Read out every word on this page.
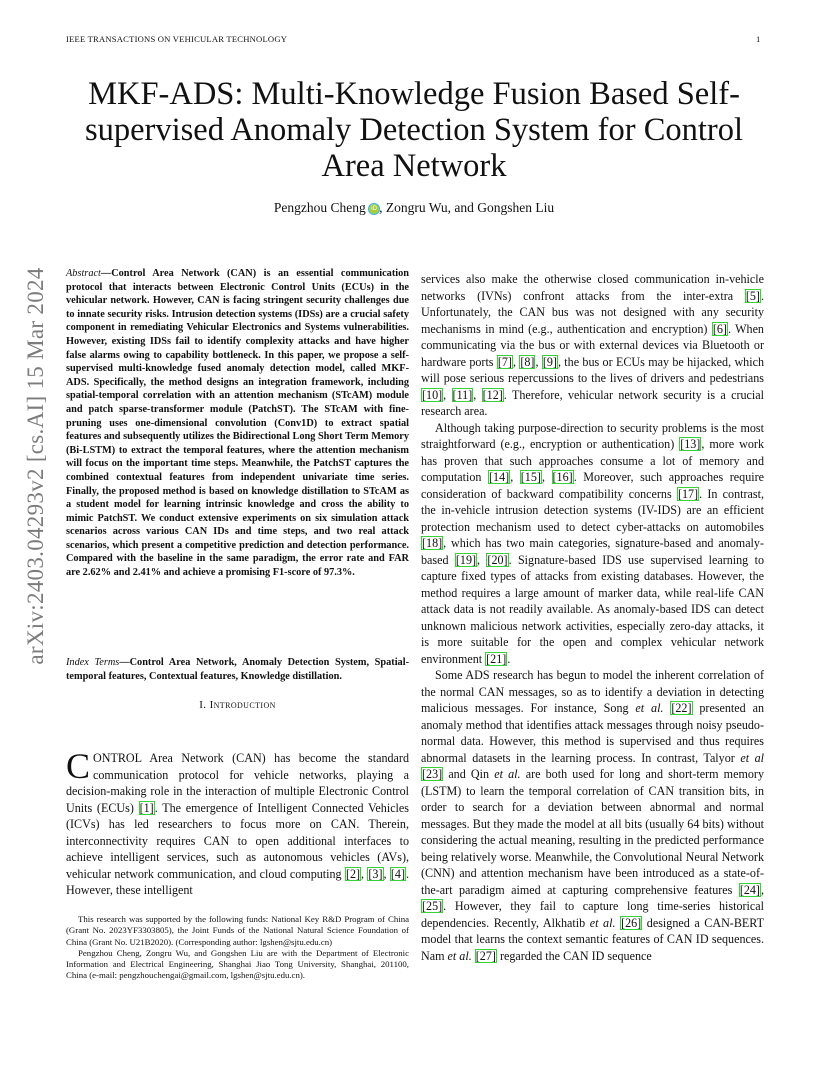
IEEE TRANSACTIONS ON VEHICULAR TECHNOLOGY	1
arXiv:2403.04293v2 [cs.AI] 15 Mar 2024
MKF-ADS: Multi-Knowledge Fusion Based Self-supervised Anomaly Detection System for Control Area Network
Pengzhou Cheng iD , Zongru Wu, and Gongshen Liu
Abstract—Control Area Network (CAN) is an essential communication protocol that interacts between Electronic Control Units (ECUs) in the vehicular network. However, CAN is facing stringent security challenges due to innate security risks. Intrusion detection systems (IDSs) are a crucial safety component in remediating Vehicular Electronics and Systems vulnerabilities. However, existing IDSs fail to identify complexity attacks and have higher false alarms owing to capability bottleneck. In this paper, we propose a self-supervised multi-knowledge fused anomaly detection model, called MKF-ADS. Specifically, the method designs an integration framework, including spatial-temporal correlation with an attention mechanism (STcAM) module and patch sparse-transformer module (PatchST). The STcAM with fine-pruning uses one-dimensional convolution (Conv1D) to extract spatial features and subsequently utilizes the Bidirectional Long Short Term Memory (Bi-LSTM) to extract the temporal features, where the attention mechanism will focus on the important time steps. Meanwhile, the PatchST captures the combined contextual features from independent univariate time series. Finally, the proposed method is based on knowledge distillation to STcAM as a student model for learning intrinsic knowledge and cross the ability to mimic PatchST. We conduct extensive experiments on six simulation attack scenarios across various CAN IDs and time steps, and two real attack scenarios, which present a competitive prediction and detection performance. Compared with the baseline in the same paradigm, the error rate and FAR are 2.62% and 2.41% and achieve a promising F1-score of 97.3%.
Index Terms—Control Area Network, Anomaly Detection System, Spatial-temporal features, Contextual features, Knowledge distillation.
I. Introduction
CONTROL Area Network (CAN) has become the standard communication protocol for vehicle networks, playing a decision-making role in the interaction of multiple Electronic Control Units (ECUs) [1]. The emergence of Intelligent Connected Vehicles (ICVs) has led researchers to focus more on CAN. Therein, interconnectivity requires CAN to open additional interfaces to achieve intelligent services, such as autonomous vehicles (AVs), vehicular network communication, and cloud computing [2], [3], [4]. However, these intelligent

This research was supported by the following funds: National Key R&D Program of China (Grant No. 2023YF3303805), the Joint Funds of the National Natural Science Foundation of China (Grant No. U21B2020). (Corresponding author: lgshen@sjtu.edu.cn)

Pengzhou Cheng, Zongru Wu, and Gongshen Liu are with the Department of Electronic Information and Electrical Engineering, Shanghai Jiao Tong University, Shanghai, 201100, China (e-mail: pengzhouchengai@gmail.com, lgshen@sjtu.edu.cn).

services also make the otherwise closed communication in-vehicle networks (IVNs) confront attacks from the inter-extra [5]. Unfortunately, the CAN bus was not designed with any security mechanisms in mind (e.g., authentication and encryption) [6]. When communicating via the bus or with external devices via Bluetooth or hardware ports [7], [8], [9], the bus or ECUs may be hijacked, which will pose serious repercussions to the lives of drivers and pedestrians [10], [11], [12]. Therefore, vehicular network security is a crucial research area.

Although taking purpose-direction to security problems is the most straightforward (e.g., encryption or authentication) [13], more work has proven that such approaches consume a lot of memory and computation [14], [15], [16]. Moreover, such approaches require consideration of backward compatibility concerns [17]. In contrast, the in-vehicle intrusion detection systems (IV-IDS) are an efficient protection mechanism used to detect cyber-attacks on automobiles [18], which has two main categories, signature-based and anomaly-based [19], [20]. Signature-based IDS use supervised learning to capture fixed types of attacks from existing databases. However, the method requires a large amount of marker data, while real-life CAN attack data is not readily available. As anomaly-based IDS can detect unknown malicious network activities, especially zero-day attacks, it is more suitable for the open and complex vehicular network environment [21].

Some ADS research has begun to model the inherent correlation of the normal CAN messages, so as to identify a deviation in detecting malicious messages. For instance, Song et al. [22] presented an anomaly method that identifies attack messages through noisy pseudo-normal data. However, this method is supervised and thus requires abnormal datasets in the learning process. In contrast, Talyor et al [23] and Qin et al. are both used for long and short-term memory (LSTM) to learn the temporal correlation of CAN transition bits, in order to search for a deviation between abnormal and normal messages. But they made the model at all bits (usually 64 bits) without considering the actual meaning, resulting in the predicted performance being relatively worse. Meanwhile, the Convolutional Neural Network (CNN) and attention mechanism have been introduced as a state-of-the-art paradigm aimed at capturing comprehensive features [24], [25]. However, they fail to capture long time-series historical dependencies. Recently, Alkhatib et al. [26] designed a CAN-BERT model that learns the context semantic features of CAN ID sequences. Nam et al. [27] regarded the CAN ID sequence
